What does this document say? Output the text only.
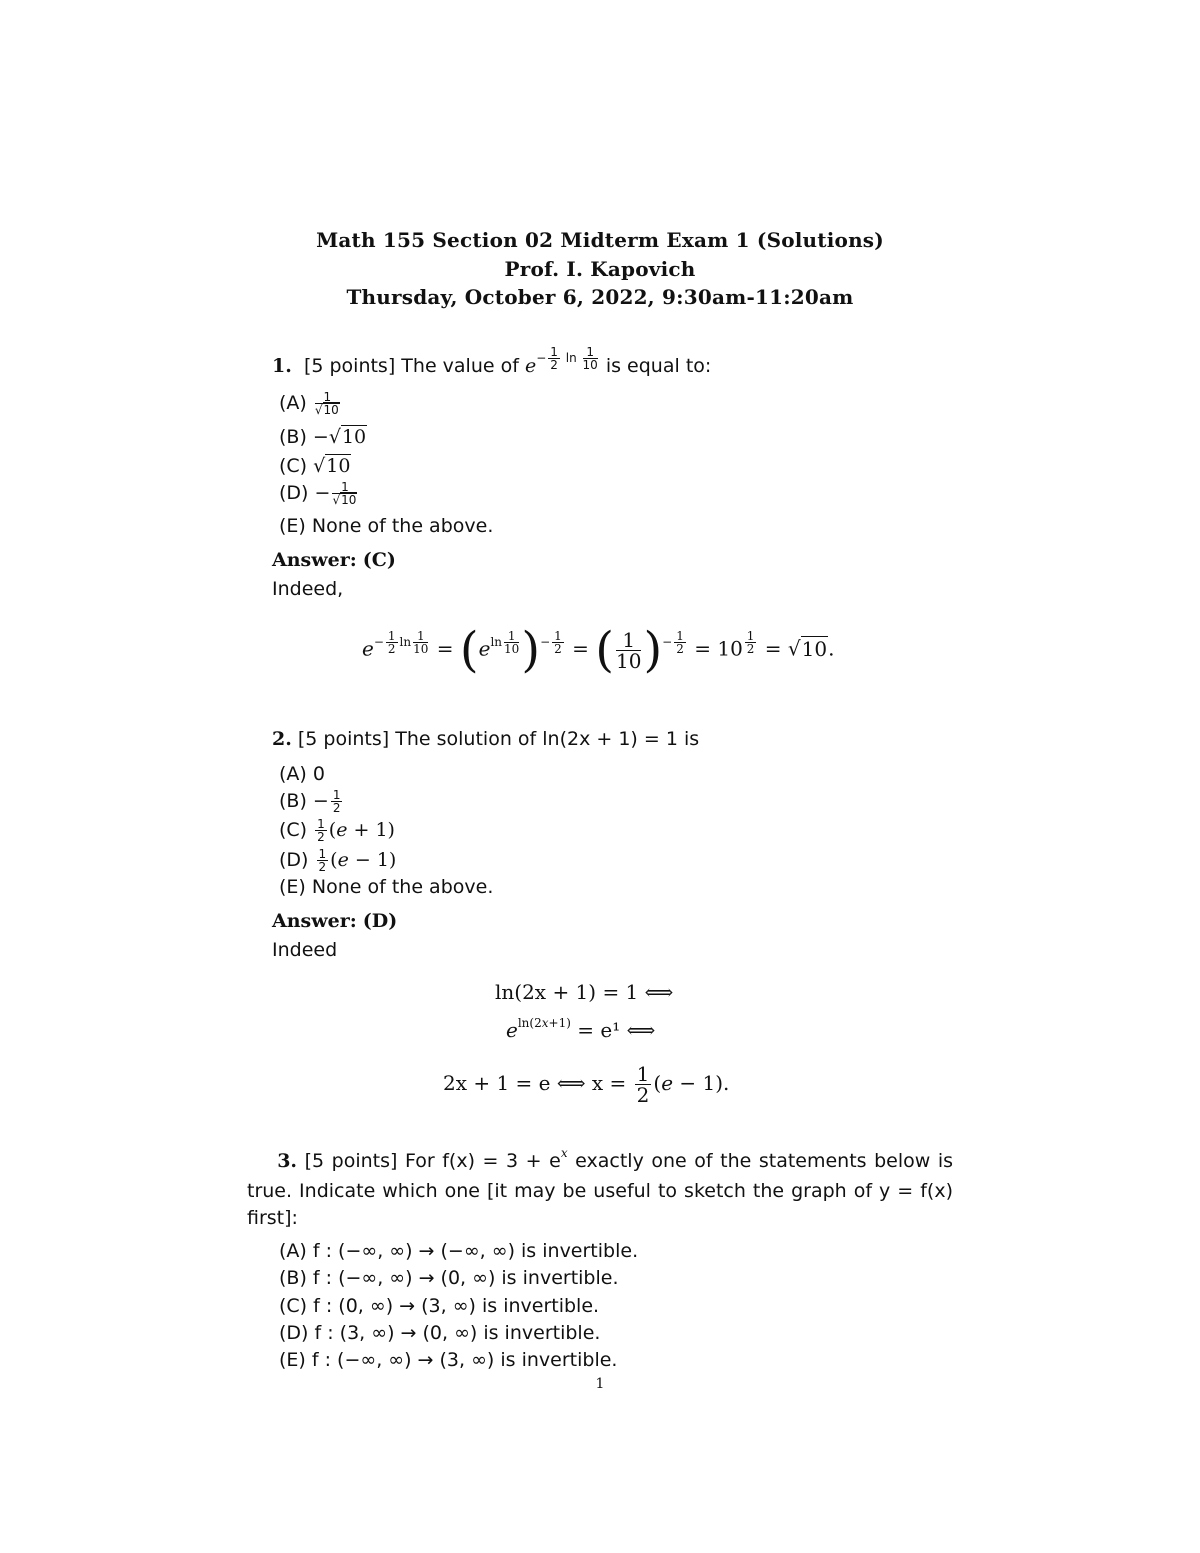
Math 155 Section 02 Midterm Exam 1 (Solutions)
Prof. I. Kapovich
Thursday, October 6, 2022, 9:30am-11:20am
1. [5 points] The value of $e^{- \frac{1}{2} ln \frac{1}{10}}$ is equal to:
$(A) \frac{1}{√10}$
(B) −√10
(C) √10
$(D) - \frac{1}{√10}$
(E) None of the above.
Answer: (C)
Indeed,
$e^{- \frac{1}{2} ln \frac{1}{10}} = (e^{ln \frac{1}{10}}$ )$^{- \frac{1}{2}}$ = ( $\frac{1}{10} )^{- \frac{1}{2}} = 10$ $^{\frac{1}{2}}$ = √10.
2. [5 points] The solution of ln(2x + 1) = 1 is
(A) 0
$(B) - \frac{1}{2}$
$(C) \frac{1}{2} (e + 1)$
$(D) \frac{1}{2} (e - 1)$
(E) None of the above.
Answer: (D)
Indeed
ln(2x + 1) = 1 ⟺
$e^{ln(2x+1)} = e^1$ ⟺
2x + 1 = e ⟺ $x = \frac{1}{2} (e - 1)$.
3. [5 points] For $f(x) = 3 + e^x$ exactly one of the statements below is true. Indicate which one [it may be useful to sketch the graph of y = f(x) first]:
(A) f : (−∞, ∞) → (−∞, ∞) is invertible.
(B) f : (−∞, ∞) → (0, ∞) is invertible.
(C) f : (0, ∞) → (3, ∞) is invertible.
(D) f : (3, ∞) → (0, ∞) is invertible.
(E) f : (−∞, ∞) → (3, ∞) is invertible.
1
